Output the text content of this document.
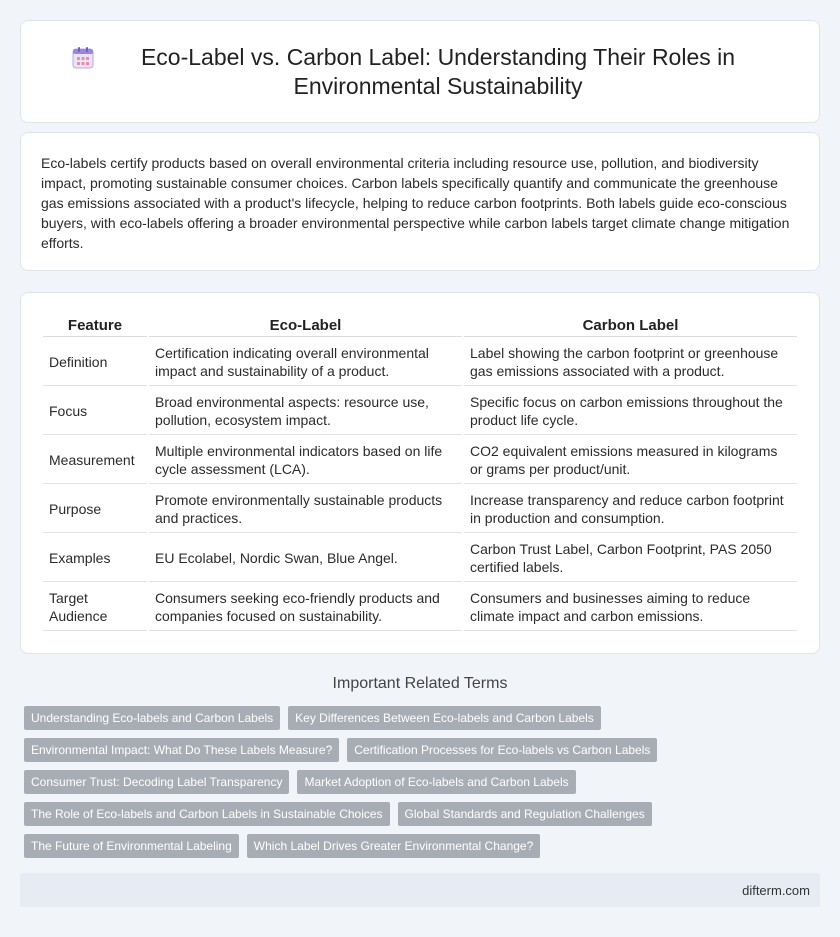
Eco-Label vs. Carbon Label: Understanding Their Roles in Environmental Sustainability

Eco-labels certify products based on overall environmental criteria including resource use, pollution, and biodiversity impact, promoting sustainable consumer choices. Carbon labels specifically quantify and communicate the greenhouse gas emissions associated with a product's lifecycle, helping to reduce carbon footprints. Both labels guide eco-conscious buyers, with eco-labels offering a broader environmental perspective while carbon labels target climate change mitigation efforts.

Feature	Eco-Label	Carbon Label
Definition	Certification indicating overall environmental impact and sustainability of a product.	Label showing the carbon footprint or greenhouse gas emissions associated with a product.
Focus	Broad environmental aspects: resource use, pollution, ecosystem impact.	Specific focus on carbon emissions throughout the product life cycle.
Measurement	Multiple environmental indicators based on life cycle assessment (LCA).	CO2 equivalent emissions measured in kilograms or grams per product/unit.
Purpose	Promote environmentally sustainable products and practices.	Increase transparency and reduce carbon footprint in production and consumption.
Examples	EU Ecolabel, Nordic Swan, Blue Angel.	Carbon Trust Label, Carbon Footprint, PAS 2050 certified labels.
Target Audience	Consumers seeking eco-friendly products and companies focused on sustainability.	Consumers and businesses aiming to reduce climate impact and carbon emissions.
Important Related Terms
Understanding Eco-labels and Carbon Labels	Key Differences Between Eco-labels and Carbon Labels
Environmental Impact: What Do These Labels Measure?	Certification Processes for Eco-labels vs Carbon Labels
Consumer Trust: Decoding Label Transparency	Market Adoption of Eco-labels and Carbon Labels
The Role of Eco-labels and Carbon Labels in Sustainable Choices	Global Standards and Regulation Challenges
The Future of Environmental Labeling	Which Label Drives Greater Environmental Change?
difterm.com
